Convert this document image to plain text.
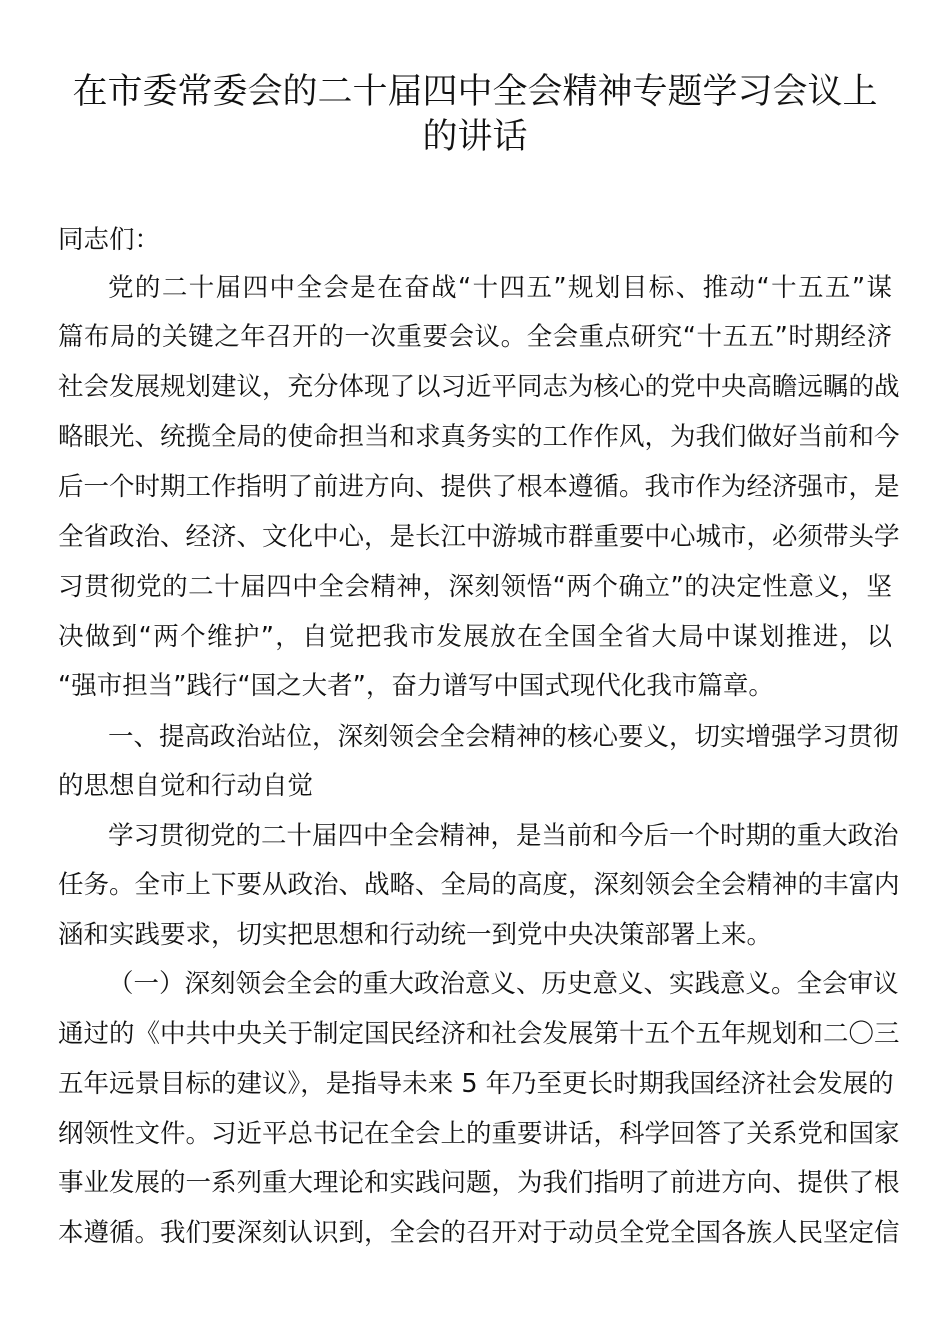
在市委常委会的二十届四中全会精神专题学习会议上
的讲话
同志们：
党的二十届四中全会是在奋战“十四五”规划目标、推动“十五五”谋
篇布局的关键之年召开的一次重要会议。全会重点研究“十五五”时期经济
社会发展规划建议，充分体现了以习近平同志为核心的党中央高瞻远瞩的战
略眼光、统揽全局的使命担当和求真务实的工作作风，为我们做好当前和今
后一个时期工作指明了前进方向、提供了根本遵循。我市作为经济强市，是
全省政治、经济、文化中心，是长江中游城市群重要中心城市，必须带头学
习贯彻党的二十届四中全会精神，深刻领悟“两个确立”的决定性意义，坚
决做到“两个维护”，自觉把我市发展放在全国全省大局中谋划推进，以
“强市担当”践行“国之大者”，奋力谱写中国式现代化我市篇章。
一、提高政治站位，深刻领会全会精神的核心要义，切实增强学习贯彻
的思想自觉和行动自觉
学习贯彻党的二十届四中全会精神，是当前和今后一个时期的重大政治
任务。全市上下要从政治、战略、全局的高度，深刻领会全会精神的丰富内
涵和实践要求，切实把思想和行动统一到党中央决策部署上来。
（一）深刻领会全会的重大政治意义、历史意义、实践意义。全会审议
通过的《中共中央关于制定国民经济和社会发展第十五个五年规划和二〇三
五年远景目标的建议》，是指导未来 5 年乃至更长时期我国经济社会发展的
纲领性文件。习近平总书记在全会上的重要讲话，科学回答了关系党和国家
事业发展的一系列重大理论和实践问题，为我们指明了前进方向、提供了根
本遵循。我们要深刻认识到，全会的召开对于动员全党全国各族人民坚定信
